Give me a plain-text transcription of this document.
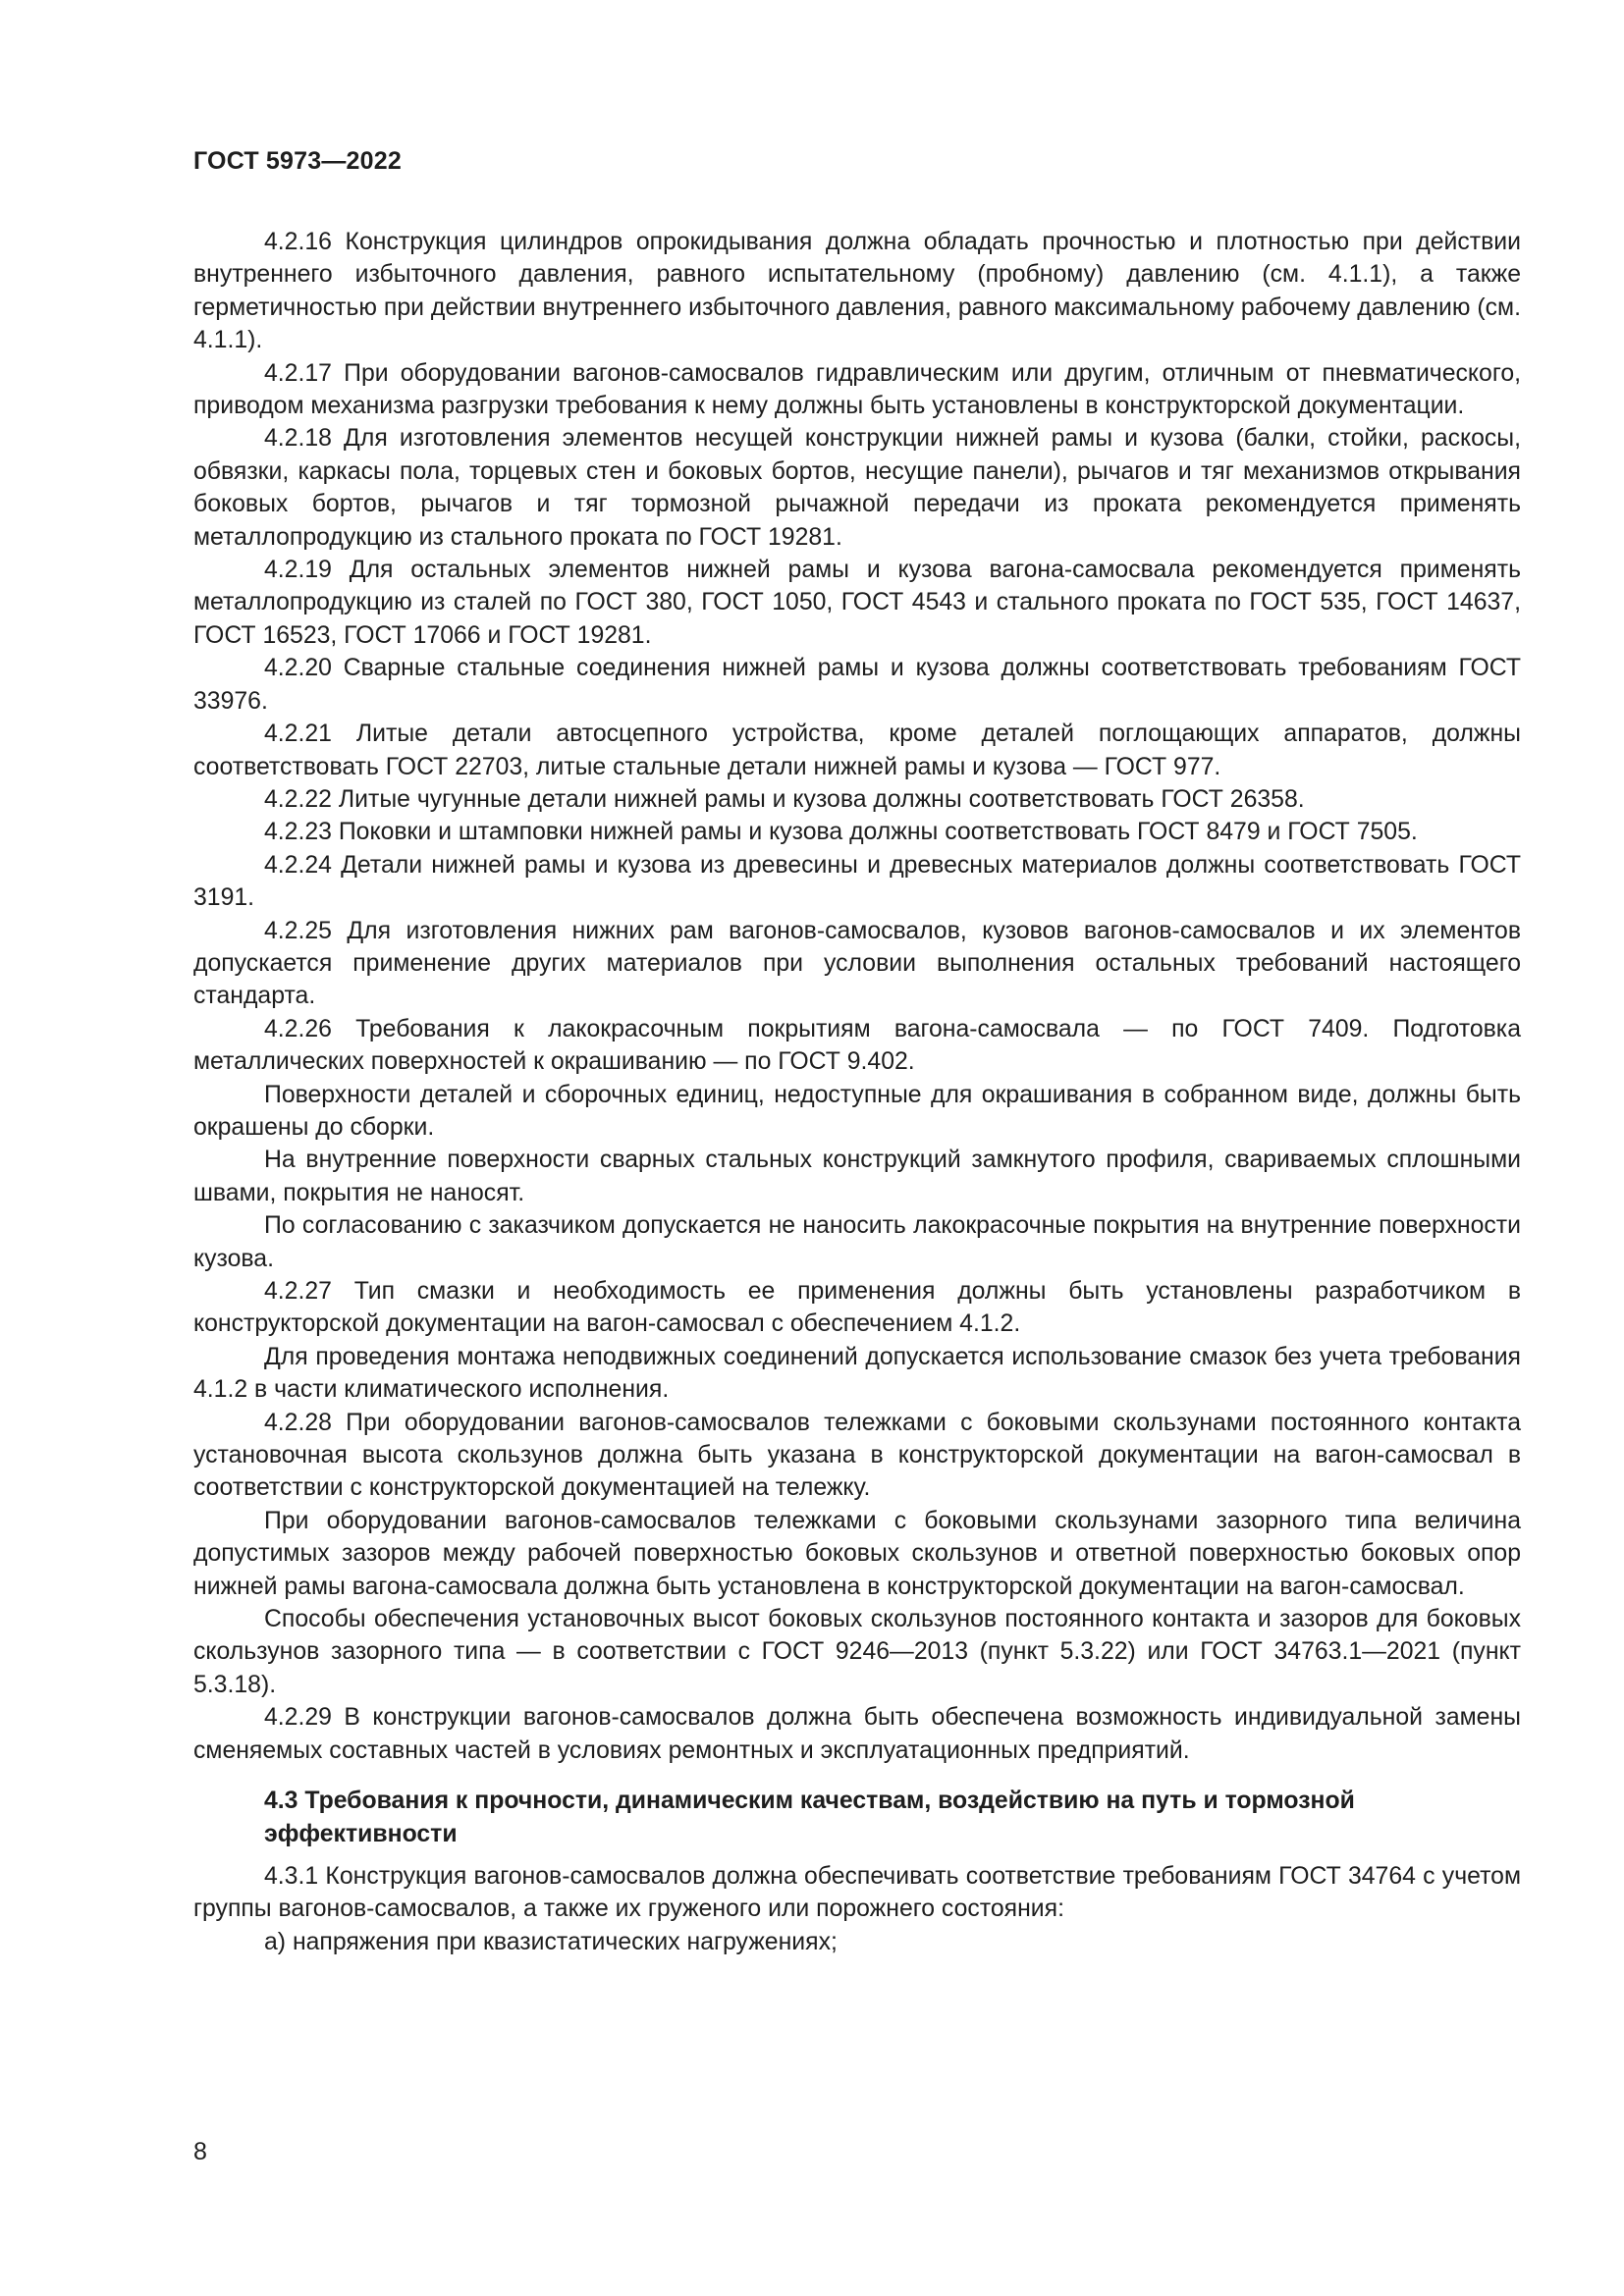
ГОСТ 5973—2022

4.2.16 Конструкция цилиндров опрокидывания должна обладать прочностью и плотностью при действии внутреннего избыточного давления, равного испытательному (пробному) давлению (см. 4.1.1), а также герметичностью при действии внутреннего избыточного давления, равного максимальному рабочему давлению (см. 4.1.1).

4.2.17 При оборудовании вагонов-самосвалов гидравлическим или другим, отличным от пневматического, приводом механизма разгрузки требования к нему должны быть установлены в конструкторской документации.

4.2.18 Для изготовления элементов несущей конструкции нижней рамы и кузова (балки, стойки, раскосы, обвязки, каркасы пола, торцевых стен и боковых бортов, несущие панели), рычагов и тяг механизмов открывания боковых бортов, рычагов и тяг тормозной рычажной передачи из проката рекомендуется применять металлопродукцию из стального проката по ГОСТ 19281.

4.2.19 Для остальных элементов нижней рамы и кузова вагона-самосвала рекомендуется применять металлопродукцию из сталей по ГОСТ 380, ГОСТ 1050, ГОСТ 4543 и стального проката по ГОСТ 535, ГОСТ 14637, ГОСТ 16523, ГОСТ 17066 и ГОСТ 19281.

4.2.20 Сварные стальные соединения нижней рамы и кузова должны соответствовать требованиям ГОСТ 33976.

4.2.21 Литые детали автосцепного устройства, кроме деталей поглощающих аппаратов, должны соответствовать ГОСТ 22703, литые стальные детали нижней рамы и кузова — ГОСТ 977.

4.2.22 Литые чугунные детали нижней рамы и кузова должны соответствовать ГОСТ 26358.

4.2.23 Поковки и штамповки нижней рамы и кузова должны соответствовать ГОСТ 8479 и ГОСТ 7505.

4.2.24 Детали нижней рамы и кузова из древесины и древесных материалов должны соответствовать ГОСТ 3191.

4.2.25 Для изготовления нижних рам вагонов-самосвалов, кузовов вагонов-самосвалов и их элементов допускается применение других материалов при условии выполнения остальных требований настоящего стандарта.

4.2.26 Требования к лакокрасочным покрытиям вагона-самосвала — по ГОСТ 7409. Подготовка металлических поверхностей к окрашиванию — по ГОСТ 9.402.

Поверхности деталей и сборочных единиц, недоступные для окрашивания в собранном виде, должны быть окрашены до сборки.

На внутренние поверхности сварных стальных конструкций замкнутого профиля, свариваемых сплошными швами, покрытия не наносят.

По согласованию с заказчиком допускается не наносить лакокрасочные покрытия на внутренние поверхности кузова.

4.2.27 Тип смазки и необходимость ее применения должны быть установлены разработчиком в конструкторской документации на вагон-самосвал с обеспечением 4.1.2.

Для проведения монтажа неподвижных соединений допускается использование смазок без учета требования 4.1.2 в части климатического исполнения.

4.2.28 При оборудовании вагонов-самосвалов тележками с боковыми скользунами постоянного контакта установочная высота скользунов должна быть указана в конструкторской документации на вагон-самосвал в соответствии с конструкторской документацией на тележку.

При оборудовании вагонов-самосвалов тележками с боковыми скользунами зазорного типа величина допустимых зазоров между рабочей поверхностью боковых скользунов и ответной поверхностью боковых опор нижней рамы вагона-самосвала должна быть установлена в конструкторской документации на вагон-самосвал.

Способы обеспечения установочных высот боковых скользунов постоянного контакта и зазоров для боковых скользунов зазорного типа — в соответствии с ГОСТ 9246—2013 (пункт 5.3.22) или ГОСТ 34763.1—2021 (пункт 5.3.18).

4.2.29 В конструкции вагонов-самосвалов должна быть обеспечена возможность индивидуальной замены сменяемых составных частей в условиях ремонтных и эксплуатационных предприятий.

4.3 Требования к прочности, динамическим качествам, воздействию на путь и тормозной эффективности

4.3.1 Конструкция вагонов-самосвалов должна обеспечивать соответствие требованиям ГОСТ 34764 с учетом группы вагонов-самосвалов, а также их груженого или порожнего состояния:

а) напряжения при квазистатических нагружениях;

8
